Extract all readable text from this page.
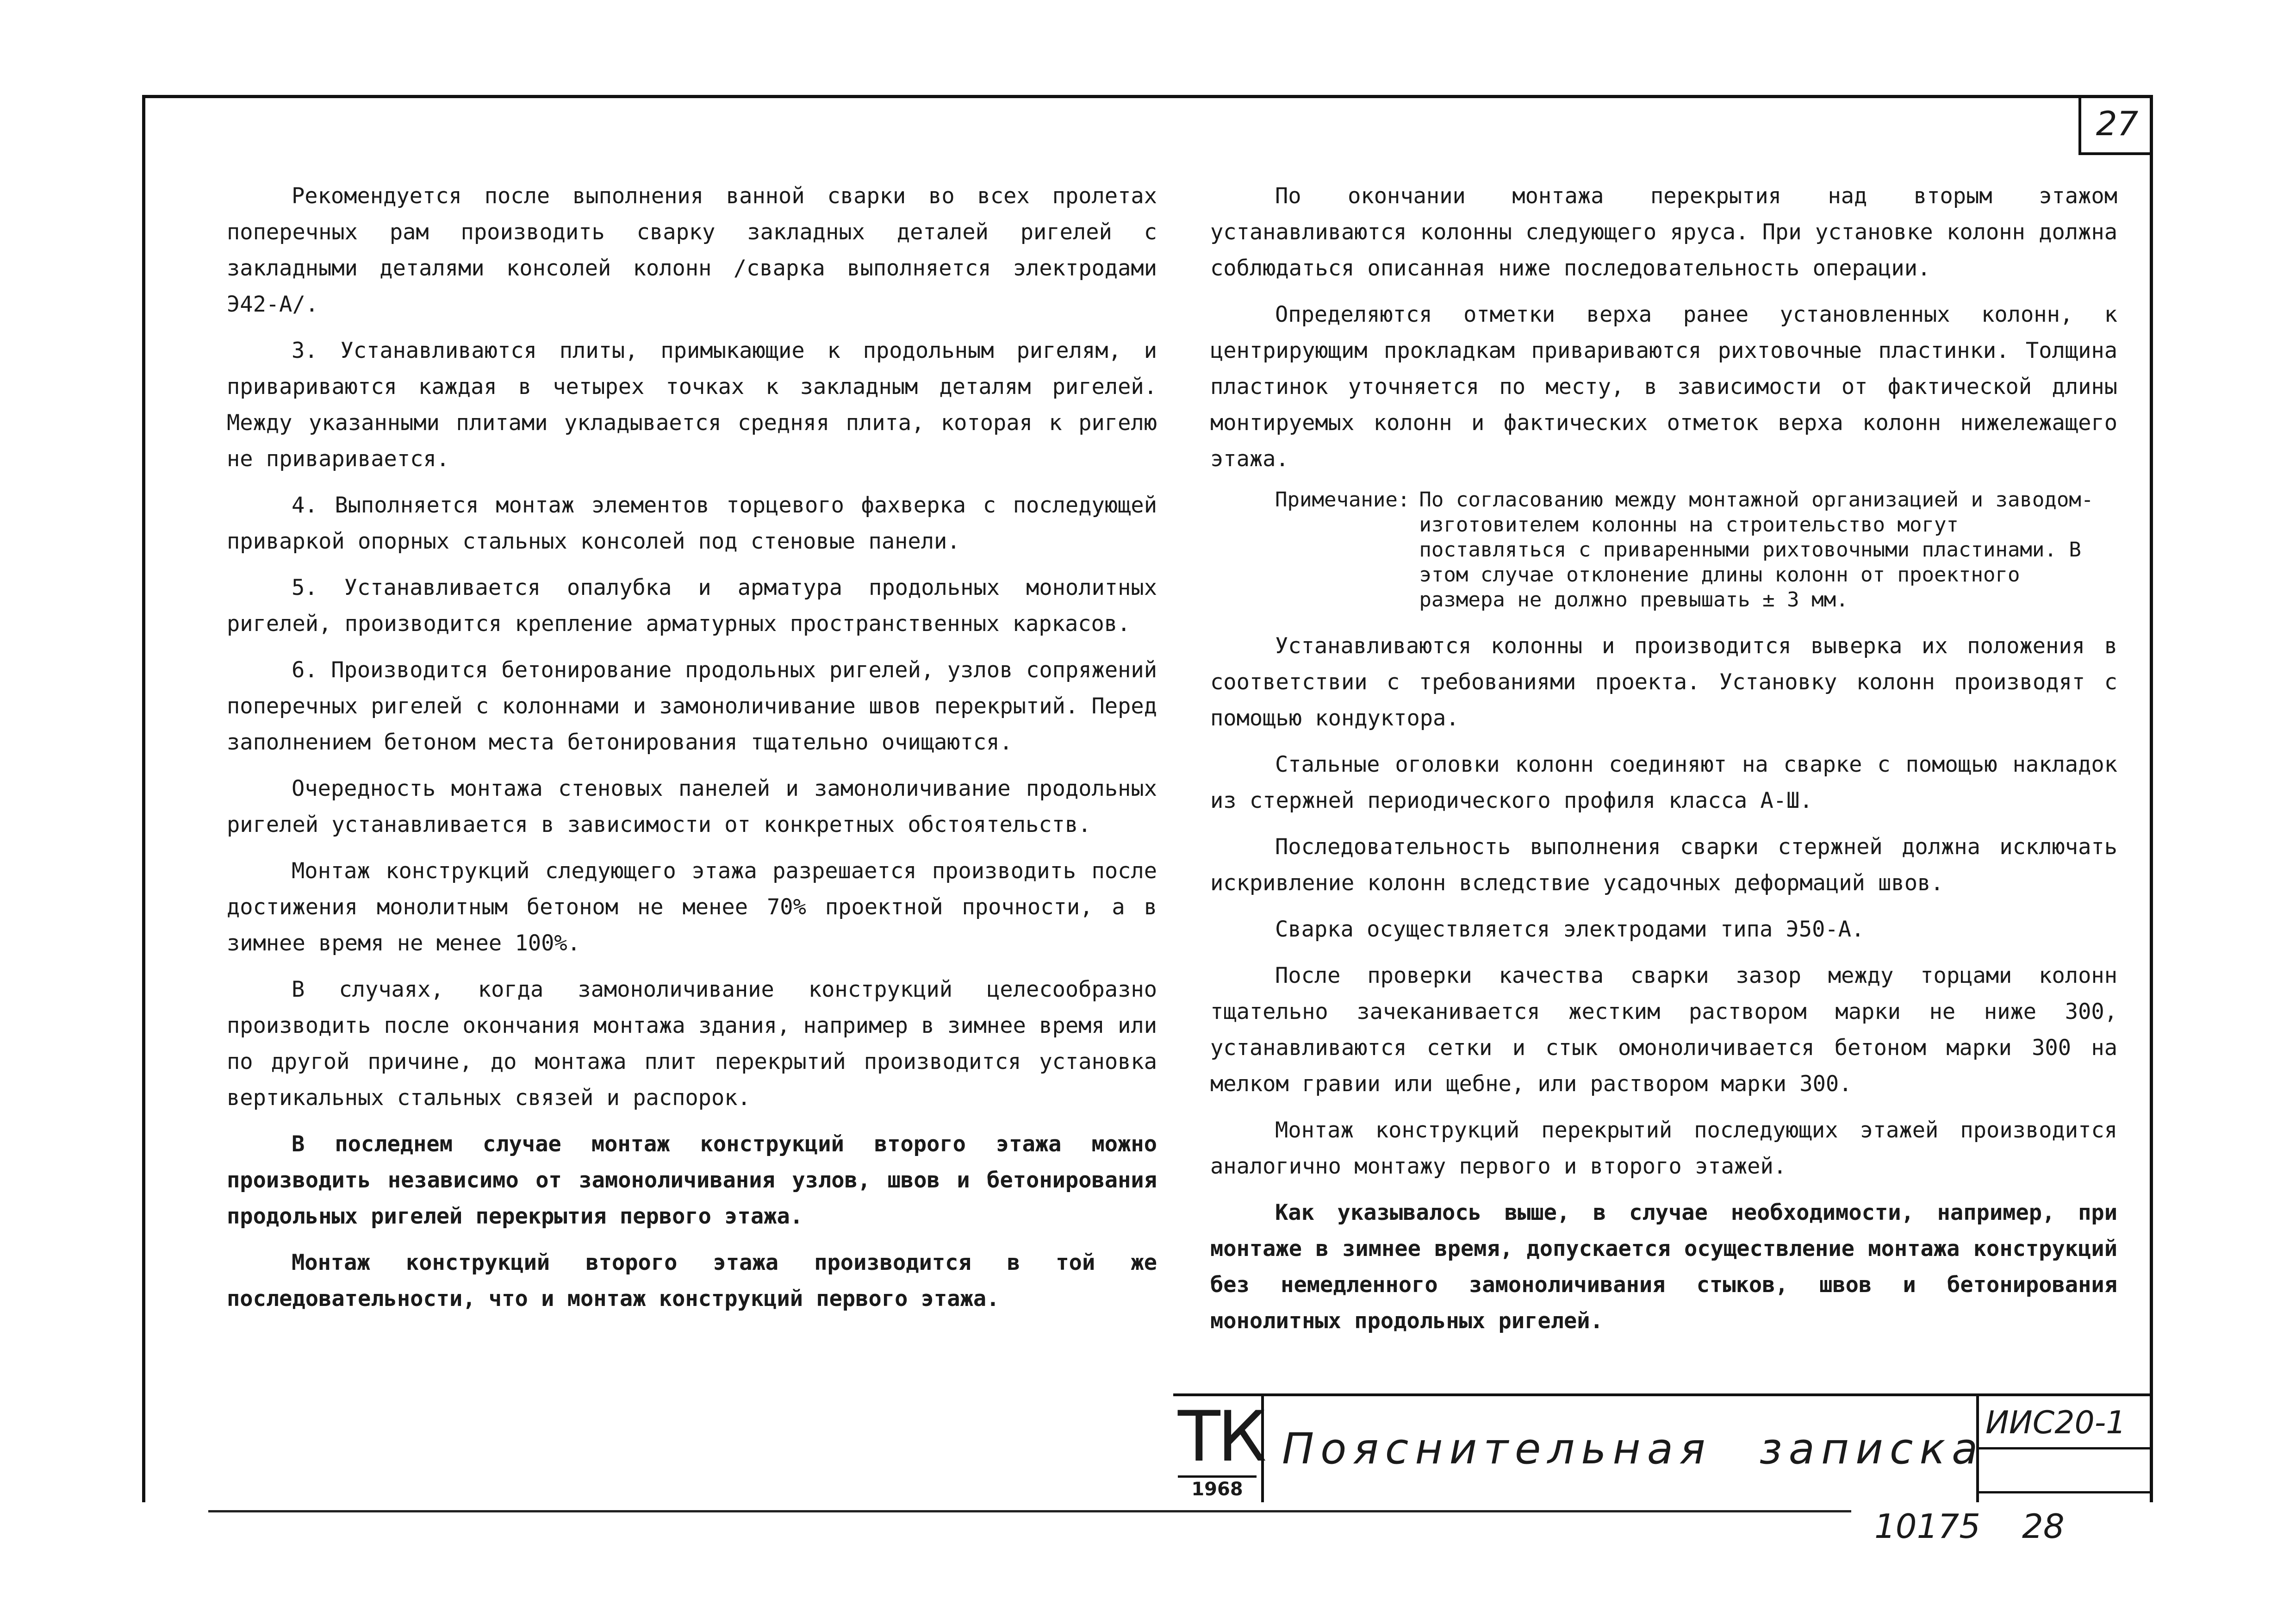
27

Рекомендуется после выполнения ванной сварки во всех пролетах поперечных рам производить сварку закладных деталей ригелей с закладными деталями консолей колонн /сварка выполняется электродами Э42-А/.

3. Устанавливаются плиты, примыкающие к продольным ригелям, и привариваются каждая в четырех точках к закладным деталям ригелей. Между указанными плитами укладывается средняя плита, которая к ригелю не приваривается.

4. Выполняется монтаж элементов торцевого фахверка с последующей приваркой опорных стальных консолей под стеновые панели.

5. Устанавливается опалубка и арматура продольных монолитных ригелей, производится крепление арматурных пространственных каркасов.

6. Производится бетонирование продольных ригелей, узлов сопряжений поперечных ригелей с колоннами и замоноличивание швов перекрытий. Перед заполнением бетоном места бетонирования тщательно очищаются.

Очередность монтажа стеновых панелей и замоноличивание продольных ригелей устанавливается в зависимости от конкретных обстоятельств.

Монтаж конструкций следующего этажа разрешается производить после достижения монолитным бетоном не менее 70% проектной прочности, а в зимнее время не менее 100%.

В случаях, когда замоноличивание конструкций целесообразно производить после окончания монтажа здания, например в зимнее время или по другой причине, до монтажа плит перекрытий производится установка вертикальных стальных связей и распорок.

В последнем случае монтаж конструкций второго этажа можно производить независимо от замоноличивания узлов, швов и бетонирования продольных ригелей перекрытия первого этажа.

Монтаж конструкций второго этажа производится в той же последовательности, что и монтаж конструкций первого этажа.

По окончании монтажа перекрытия над вторым этажом устанавливаются колонны следующего яруса. При установке колонн должна соблюдаться описанная ниже последовательность операции.

Определяются отметки верха ранее установленных колонн, к центрирующим прокладкам привариваются рихтовочные пластинки. Толщина пластинок уточняется по месту, в зависимости от фактической длины монтируемых колонн и фактических отметок верха колонн нижележащего этажа.

Примечание: По согласованию между монтажной организацией и заводом-изготовителем колонны на строительство могут поставляться с приваренными рихтовочными пластинами. В этом случае отклонение длины колонн от проектного размера не должно превышать ± 3 мм.

Устанавливаются колонны и производится выверка их положения в соответствии с требованиями проекта. Установку колонн производят с помощью кондуктора.

Стальные оголовки колонн соединяют на сварке с помощью накладок из стержней периодического профиля класса А-Ш.

Последовательность выполнения сварки стержней должна исключать искривление колонн вследствие усадочных деформаций швов.

Сварка осуществляется электродами типа Э50-А.

После проверки качества сварки зазор между торцами колонн тщательно зачеканивается жестким раствором марки не ниже 300, устанавливаются сетки и стык омоноличивается бетоном марки 300 на мелком гравии или щебне, или раствором марки 300.

Монтаж конструкций перекрытий последующих этажей производится аналогично монтажу первого и второго этажей.

Как указывалось выше, в случае необходимости, например, при монтаже в зимнее время, допускается осуществление монтажа конструкций без немедленного замоноличивания стыков, швов и бетонирования монолитных продольных ригелей.

ТК
1968
Пояснительная записка
ИИС20-1
10175 28
